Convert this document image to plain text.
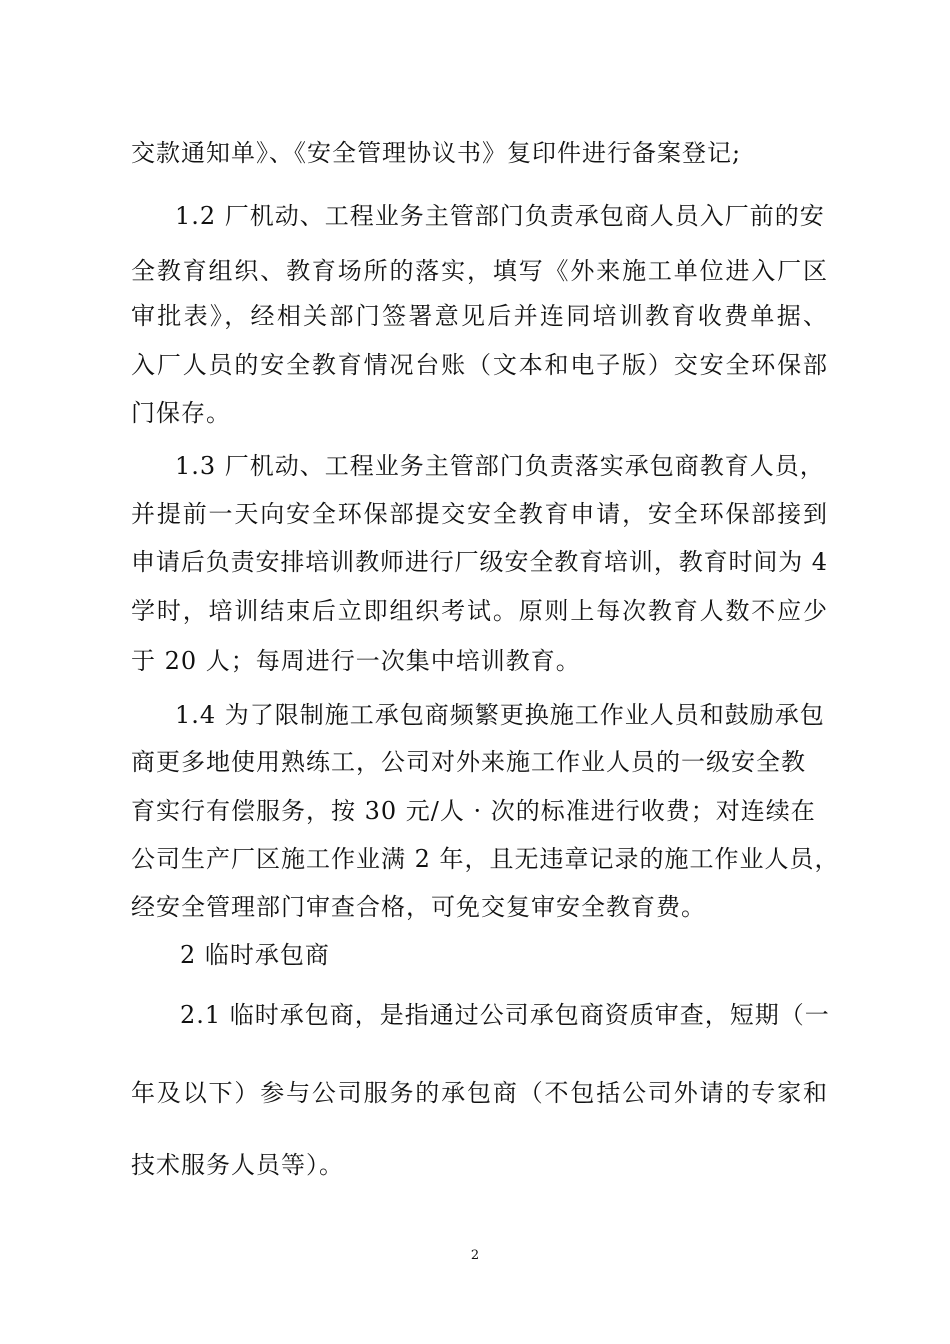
交款通知单》、《安全管理协议书》复印件进行备案登记;
1.2 厂机动、工程业务主管部门负责承包商人员入厂前的安
全教育组织、教育场所的落实，填写《外来施工单位进入厂区
审批表》，经相关部门签署意见后并连同培训教育收费单据、
入厂人员的安全教育情况台账（文本和电子版）交安全环保部
门保存。
1.3 厂机动、工程业务主管部门负责落实承包商教育人员，
并提前一天向安全环保部提交安全教育申请，安全环保部接到
申请后负责安排培训教师进行厂级安全教育培训，教育时间为 4
学时，培训结束后立即组织考试。原则上每次教育人数不应少
于 20 人；每周进行一次集中培训教育。
1.4 为了限制施工承包商频繁更换施工作业人员和鼓励承包
商更多地使用熟练工，公司对外来施工作业人员的一级安全教
育实行有偿服务，按 30 元/人 · 次的标准进行收费；对连续在
公司生产厂区施工作业满 2 年，且无违章记录的施工作业人员，
经安全管理部门审查合格，可免交复审安全教育费。
2 临时承包商
2.1 临时承包商，是指通过公司承包商资质审查，短期（一
年及以下）参与公司服务的承包商（不包括公司外请的专家和
技术服务人员等）。
2
